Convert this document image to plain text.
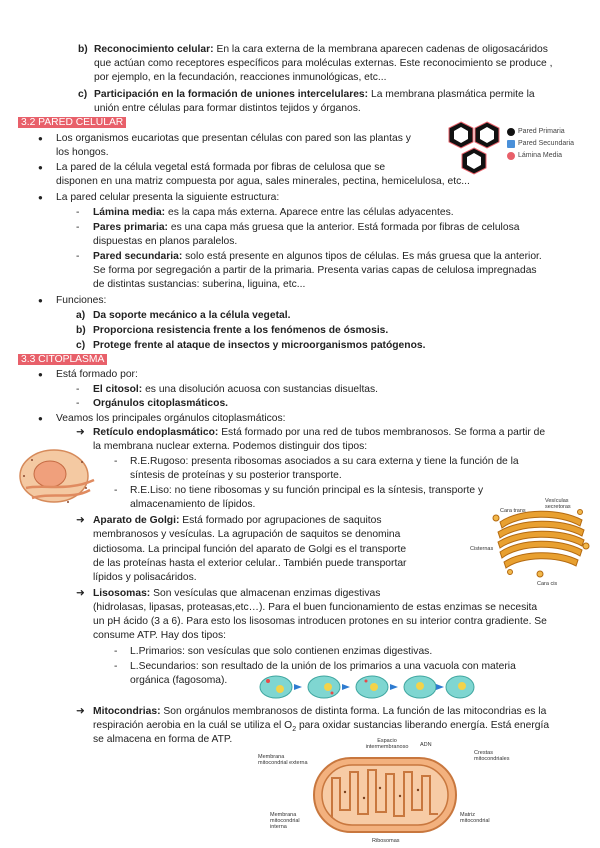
b) Reconocimiento celular: En la cara externa de la membrana aparecen cadenas de oligosacáridos
que actúan como receptores específicos para moléculas externas. Este reconocimiento se produce ,
por ejemplo, en la fecundación, reacciones inmunológicas, etc...
c) Participación en la formación de uniones intercelulares: La membrana plasmática permite la
unión entre células para formar distintos tejidos y órganos.
3.2 PARED CELULAR
● Los organismos eucariotas que presentan células con pared son las plantas y
los hongos.
● La pared de la célula vegetal está formada por fibras de celulosa que se
disponen en una matriz compuesta por agua, sales minerales, pectina, hemicelulosa, etc...
● La pared celular presenta la siguiente estructura:
- Lámina media: es la capa más externa. Aparece entre las células adyacentes.
- Pares primaria: es una capa más gruesa que la anterior. Está formada por fibras de celulosa
dispuestas en planos paralelos.
- Pared secundaria: solo está presente en algunos tipos de células. Es más gruesa que la anterior.
Se forma por segregación a partir de la primaria. Presenta varias capas de celulosa impregnadas
de distintas sustancias: suberina, liguina, etc...
● Funciones:
a) Da soporte mecánico a la célula vegetal.
b) Proporciona resistencia frente a los fenómenos de ósmosis.
c) Protege frente al ataque de insectos y microorganismos patógenos.
Pared Primaria
Pared Secundaria
Lámina Media
3.3 CITOPLASMA
● Está formado por:
- El citosol: es una disolución acuosa con sustancias disueltas.
- Orgánulos citoplasmáticos.
● Veamos los principales orgánulos citoplasmáticos:
➜ Retículo endoplasmático: Está formado por una red de tubos membranosos. Se forma a partir de
la membrana nuclear externa. Podemos distinguir dos tipos:
- R.E.Rugoso: presenta ribosomas asociados a su cara externa y tiene la función de la
síntesis de proteínas y su posterior transporte.
- R.E.Liso: no tiene ribosomas y su función principal es la síntesis, transporte y
almacenamiento de lípidos.
➜ Aparato de Golgi: Está formado por agrupaciones de saquitos
membranosos y vesículas. La agrupación de saquitos se denomina
dictiosoma. La principal función del aparato de Golgi es el transporte
de las proteínas hasta el exterior celular.. También puede transportar
lípidos y polisacáridos.
Cara trans
Vesículas secretoras
Cisternas
Cara cis
➜ Lisosomas: Son vesículas que almacenan enzimas digestivas
(hidrolasas, lipasas, proteasas,etc…). Para el buen funcionamiento de estas enzimas se necesita
un pH ácido (3 a 6). Para esto los lisosomas introducen protones en su interior contra gradiente. Se
consume ATP. Hay dos tipos:
- L.Primarios: son vesículas que solo contienen enzimas digestivas.
- L.Secundarios: son resultado de la unión de los primarios a una vacuola con materia
orgánica (fagosoma).
➜ Mitocondrias: Son orgánulos membranosos de distinta forma. La función de las mitocondrias es la
respiración aerobia en la cuál se utiliza el $O_2$ para oxidar sustancias liberando energía. Está energía
se almacena en forma de ATP.	Espacio intermembranoso	ADN
Crestas mitocondriales
Membrana mitocondrial externa
Membrana mitocondrial interna
Matriz mitocondrial
Ribosomas
